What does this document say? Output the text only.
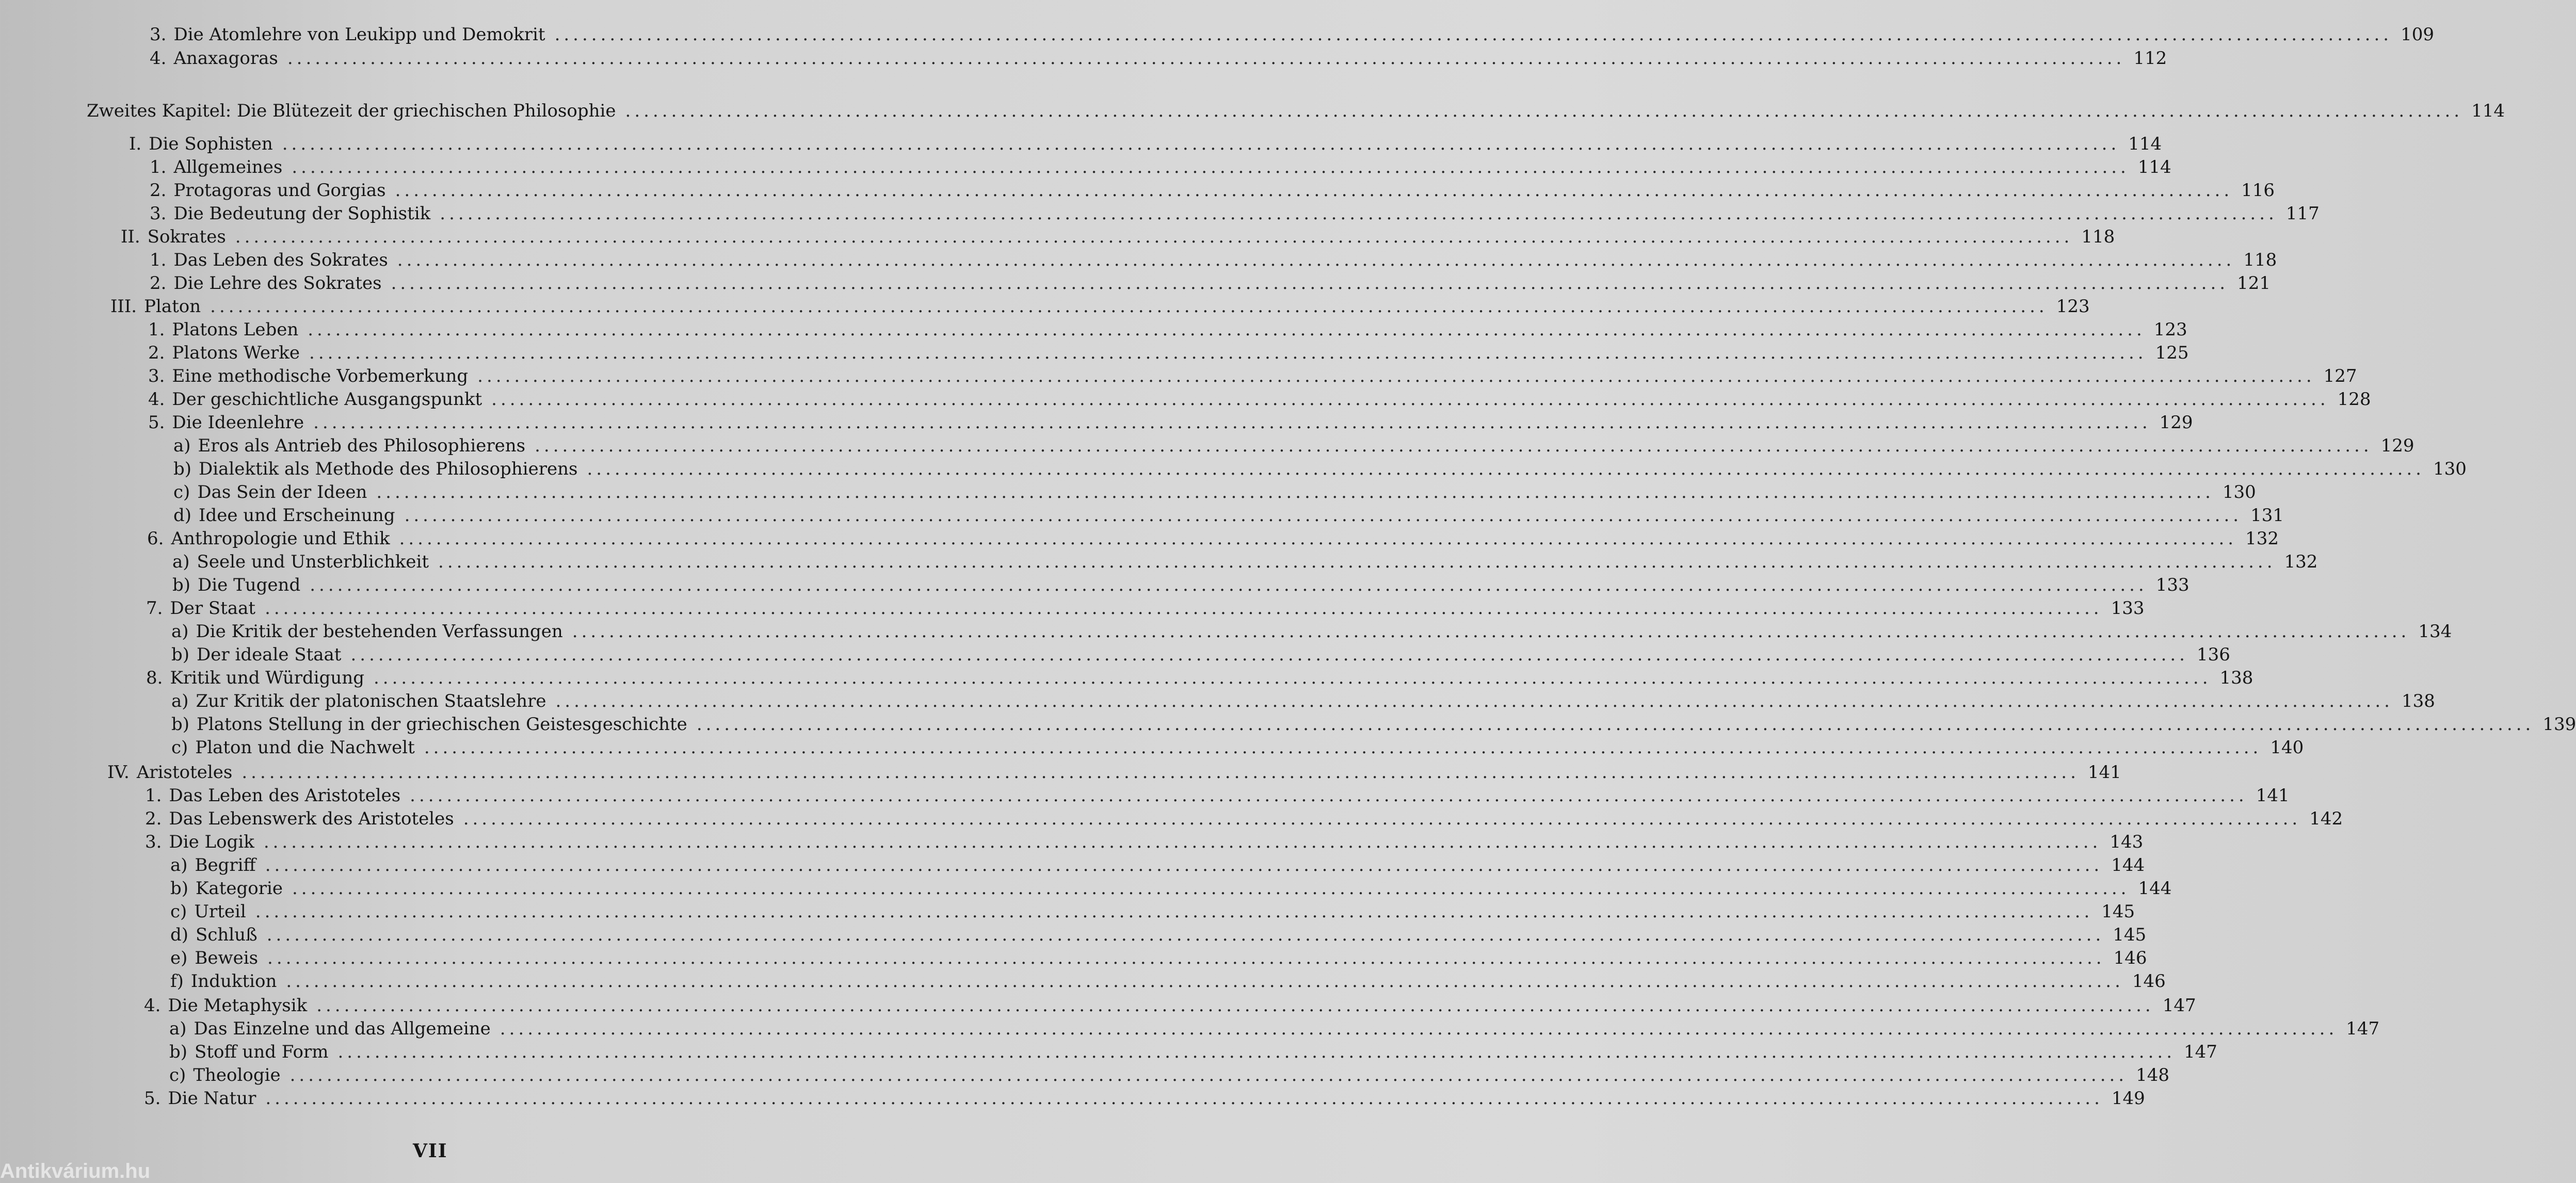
3. Die Atomlehre von Leukipp und Demokrit ........................................................................................................................................................................................................ 109
4. Anaxagoras ........................................................................................................................................................................................................ 112
Zweites Kapitel: Die Blütezeit der griechischen Philosophie ........................................................................................................................................................................................................ 114
I. Die Sophisten ........................................................................................................................................................................................................ 114
1. Allgemeines ........................................................................................................................................................................................................ 114
2. Protagoras und Gorgias ........................................................................................................................................................................................................ 116
3. Die Bedeutung der Sophistik ........................................................................................................................................................................................................ 117
II. Sokrates ........................................................................................................................................................................................................ 118
1. Das Leben des Sokrates ........................................................................................................................................................................................................ 118
2. Die Lehre des Sokrates ........................................................................................................................................................................................................ 121
III. Platon ........................................................................................................................................................................................................ 123
1. Platons Leben ........................................................................................................................................................................................................ 123
2. Platons Werke ........................................................................................................................................................................................................ 125
3. Eine methodische Vorbemerkung ........................................................................................................................................................................................................ 127
4. Der geschichtliche Ausgangspunkt ........................................................................................................................................................................................................ 128
5. Die Ideenlehre ........................................................................................................................................................................................................ 129
a) Eros als Antrieb des Philosophierens ........................................................................................................................................................................................................ 129
b) Dialektik als Methode des Philosophierens ........................................................................................................................................................................................................ 130
c) Das Sein der Ideen ........................................................................................................................................................................................................ 130
d) Idee und Erscheinung ........................................................................................................................................................................................................ 131
6. Anthropologie und Ethik ........................................................................................................................................................................................................ 132
a) Seele und Unsterblichkeit ........................................................................................................................................................................................................ 132
b) Die Tugend ........................................................................................................................................................................................................ 133
7. Der Staat ........................................................................................................................................................................................................ 133
a) Die Kritik der bestehenden Verfassungen ........................................................................................................................................................................................................ 134
b) Der ideale Staat ........................................................................................................................................................................................................ 136
8. Kritik und Würdigung ........................................................................................................................................................................................................ 138
a) Zur Kritik der platonischen Staatslehre ........................................................................................................................................................................................................ 138
b) Platons Stellung in der griechischen Geistesgeschichte ........................................................................................................................................................................................................ 139
c) Platon und die Nachwelt ........................................................................................................................................................................................................ 140
IV. Aristoteles ........................................................................................................................................................................................................ 141
1. Das Leben des Aristoteles ........................................................................................................................................................................................................ 141
2. Das Lebenswerk des Aristoteles ........................................................................................................................................................................................................ 142
3. Die Logik ........................................................................................................................................................................................................ 143
a) Begriff ........................................................................................................................................................................................................ 144
b) Kategorie ........................................................................................................................................................................................................ 144
c) Urteil ........................................................................................................................................................................................................ 145
d) Schluß ........................................................................................................................................................................................................ 145
e) Beweis ........................................................................................................................................................................................................ 146
f) Induktion ........................................................................................................................................................................................................ 146
4. Die Metaphysik ........................................................................................................................................................................................................ 147
a) Das Einzelne und das Allgemeine ........................................................................................................................................................................................................ 147
b) Stoff und Form ........................................................................................................................................................................................................ 147
c) Theologie ........................................................................................................................................................................................................ 148
5. Die Natur ........................................................................................................................................................................................................ 149
VII
Antikvárium.hu
